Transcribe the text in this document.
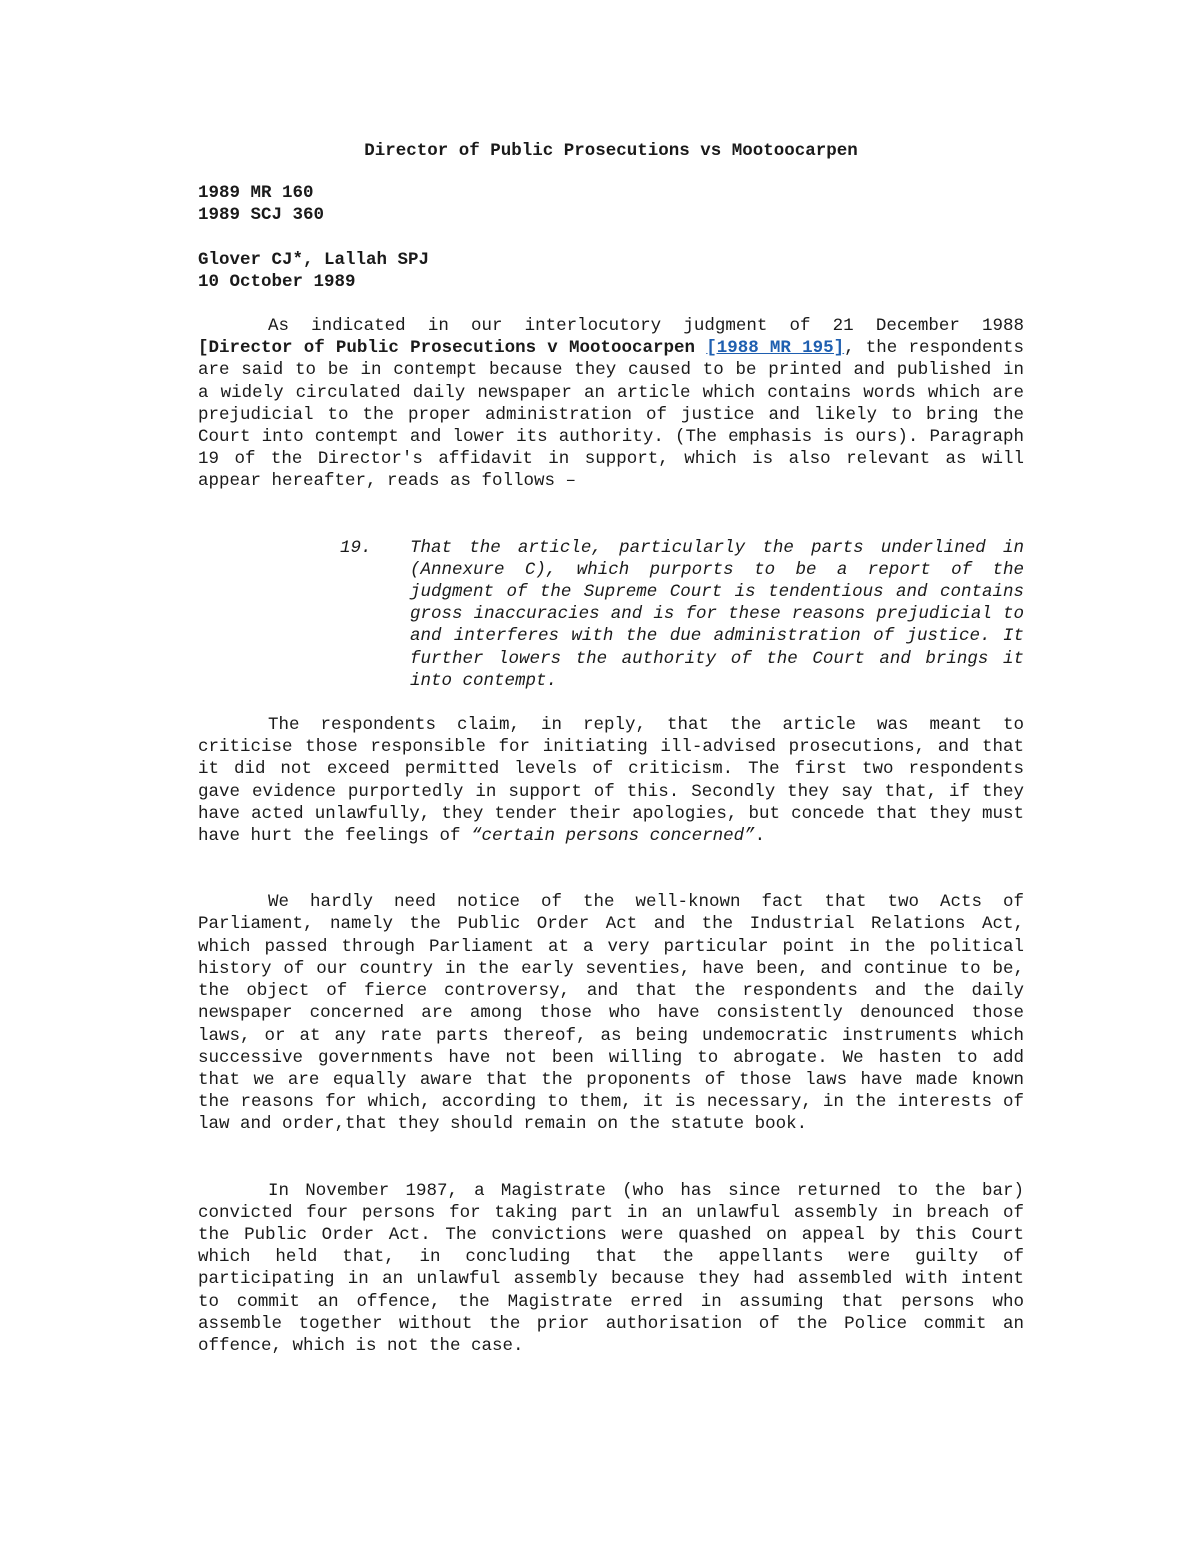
Director of Public Prosecutions vs Mootoocarpen
1989 MR 160
1989 SCJ 360
Glover CJ*, Lallah SPJ
10 October 1989

As indicated in our interlocutory judgment of 21 December 1988 [Director of Public Prosecutions v Mootoocarpen [1988 MR 195], the respondents are said to be in contempt because they caused to be printed and published in a widely circulated daily newspaper an article which contains words which are prejudicial to the proper administration of justice and likely to bring the Court into contempt and lower its authority. (The emphasis is ours). Paragraph 19 of the Director's affidavit in support, which is also relevant as will appear hereafter, reads as follows –

19. That the article, particularly the parts underlined in (Annexure C), which purports to be a report of the judgment of the Supreme Court is tendentious and contains gross inaccuracies and is for these reasons prejudicial to and interferes with the due administration of justice. It further lowers the authority of the Court and brings it into contempt.

The respondents claim, in reply, that the article was meant to criticise those responsible for initiating ill-advised prosecutions, and that it did not exceed permitted levels of criticism. The first two respondents gave evidence purportedly in support of this. Secondly they say that, if they have acted unlawfully, they tender their apologies, but concede that they must have hurt the feelings of “certain persons concerned”.

We hardly need notice of the well-known fact that two Acts of Parliament, namely the Public Order Act and the Industrial Relations Act, which passed through Parliament at a very particular point in the political history of our country in the early seventies, have been, and continue to be, the object of fierce controversy, and that the respondents and the daily newspaper concerned are among those who have consistently denounced those laws, or at any rate parts thereof, as being undemocratic instruments which successive governments have not been willing to abrogate. We hasten to add that we are equally aware that the proponents of those laws have made known the reasons for which, according to them, it is necessary, in the interests of law and order,that they should remain on the statute book.

In November 1987, a Magistrate (who has since returned to the bar) convicted four persons for taking part in an unlawful assembly in breach of the Public Order Act. The convictions were quashed on appeal by this Court which held that, in concluding that the appellants were guilty of participating in an unlawful assembly because they had assembled with intent to commit an offence, the Magistrate erred in assuming that persons who assemble together without the prior authorisation of the Police commit an offence, which is not the case.
